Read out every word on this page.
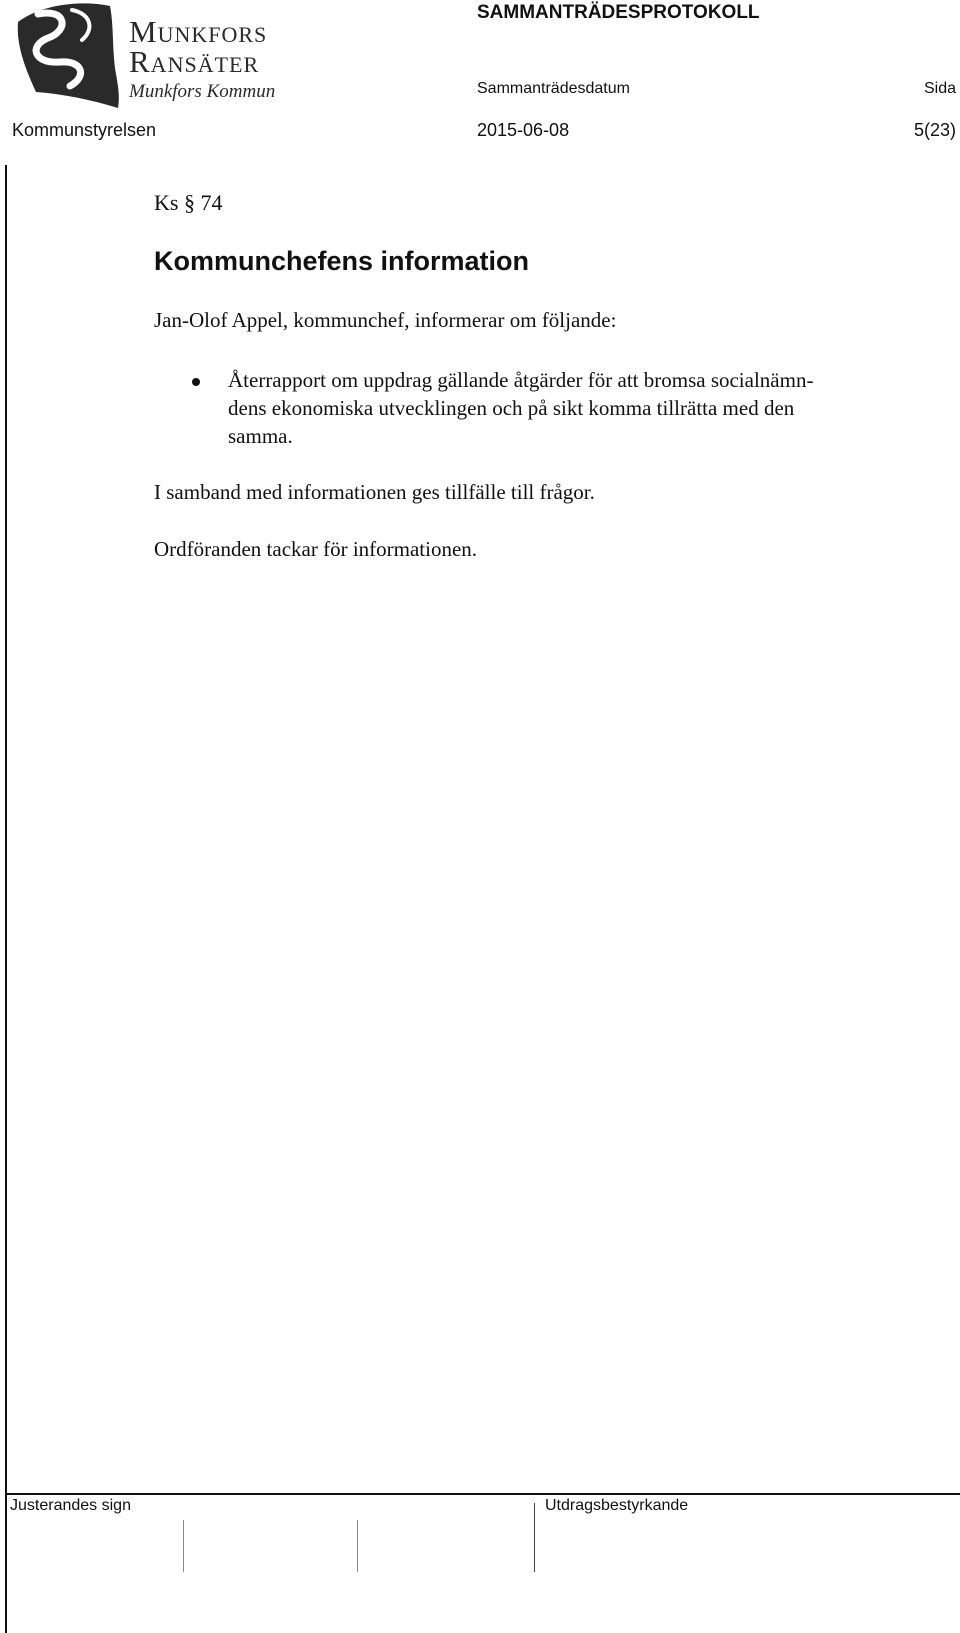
Munkfors
Ransäter
Munkfors Kommun
SAMMANTRÄDESPROTOKOLL
Sammanträdesdatum	Sida
Kommunstyrelsen	2015-06-08	5(23)
Ks § 74
Kommunchefens information
Jan-Olof Appel, kommunchef, informerar om följande:
Återrapport om uppdrag gällande åtgärder för att bromsa socialnämn-
dens ekonomiska utvecklingen och på sikt komma tillrätta med den
samma.
I samband med informationen ges tillfälle till frågor.
Ordföranden tackar för informationen.
Justerandes sign	Utdragsbestyrkande
